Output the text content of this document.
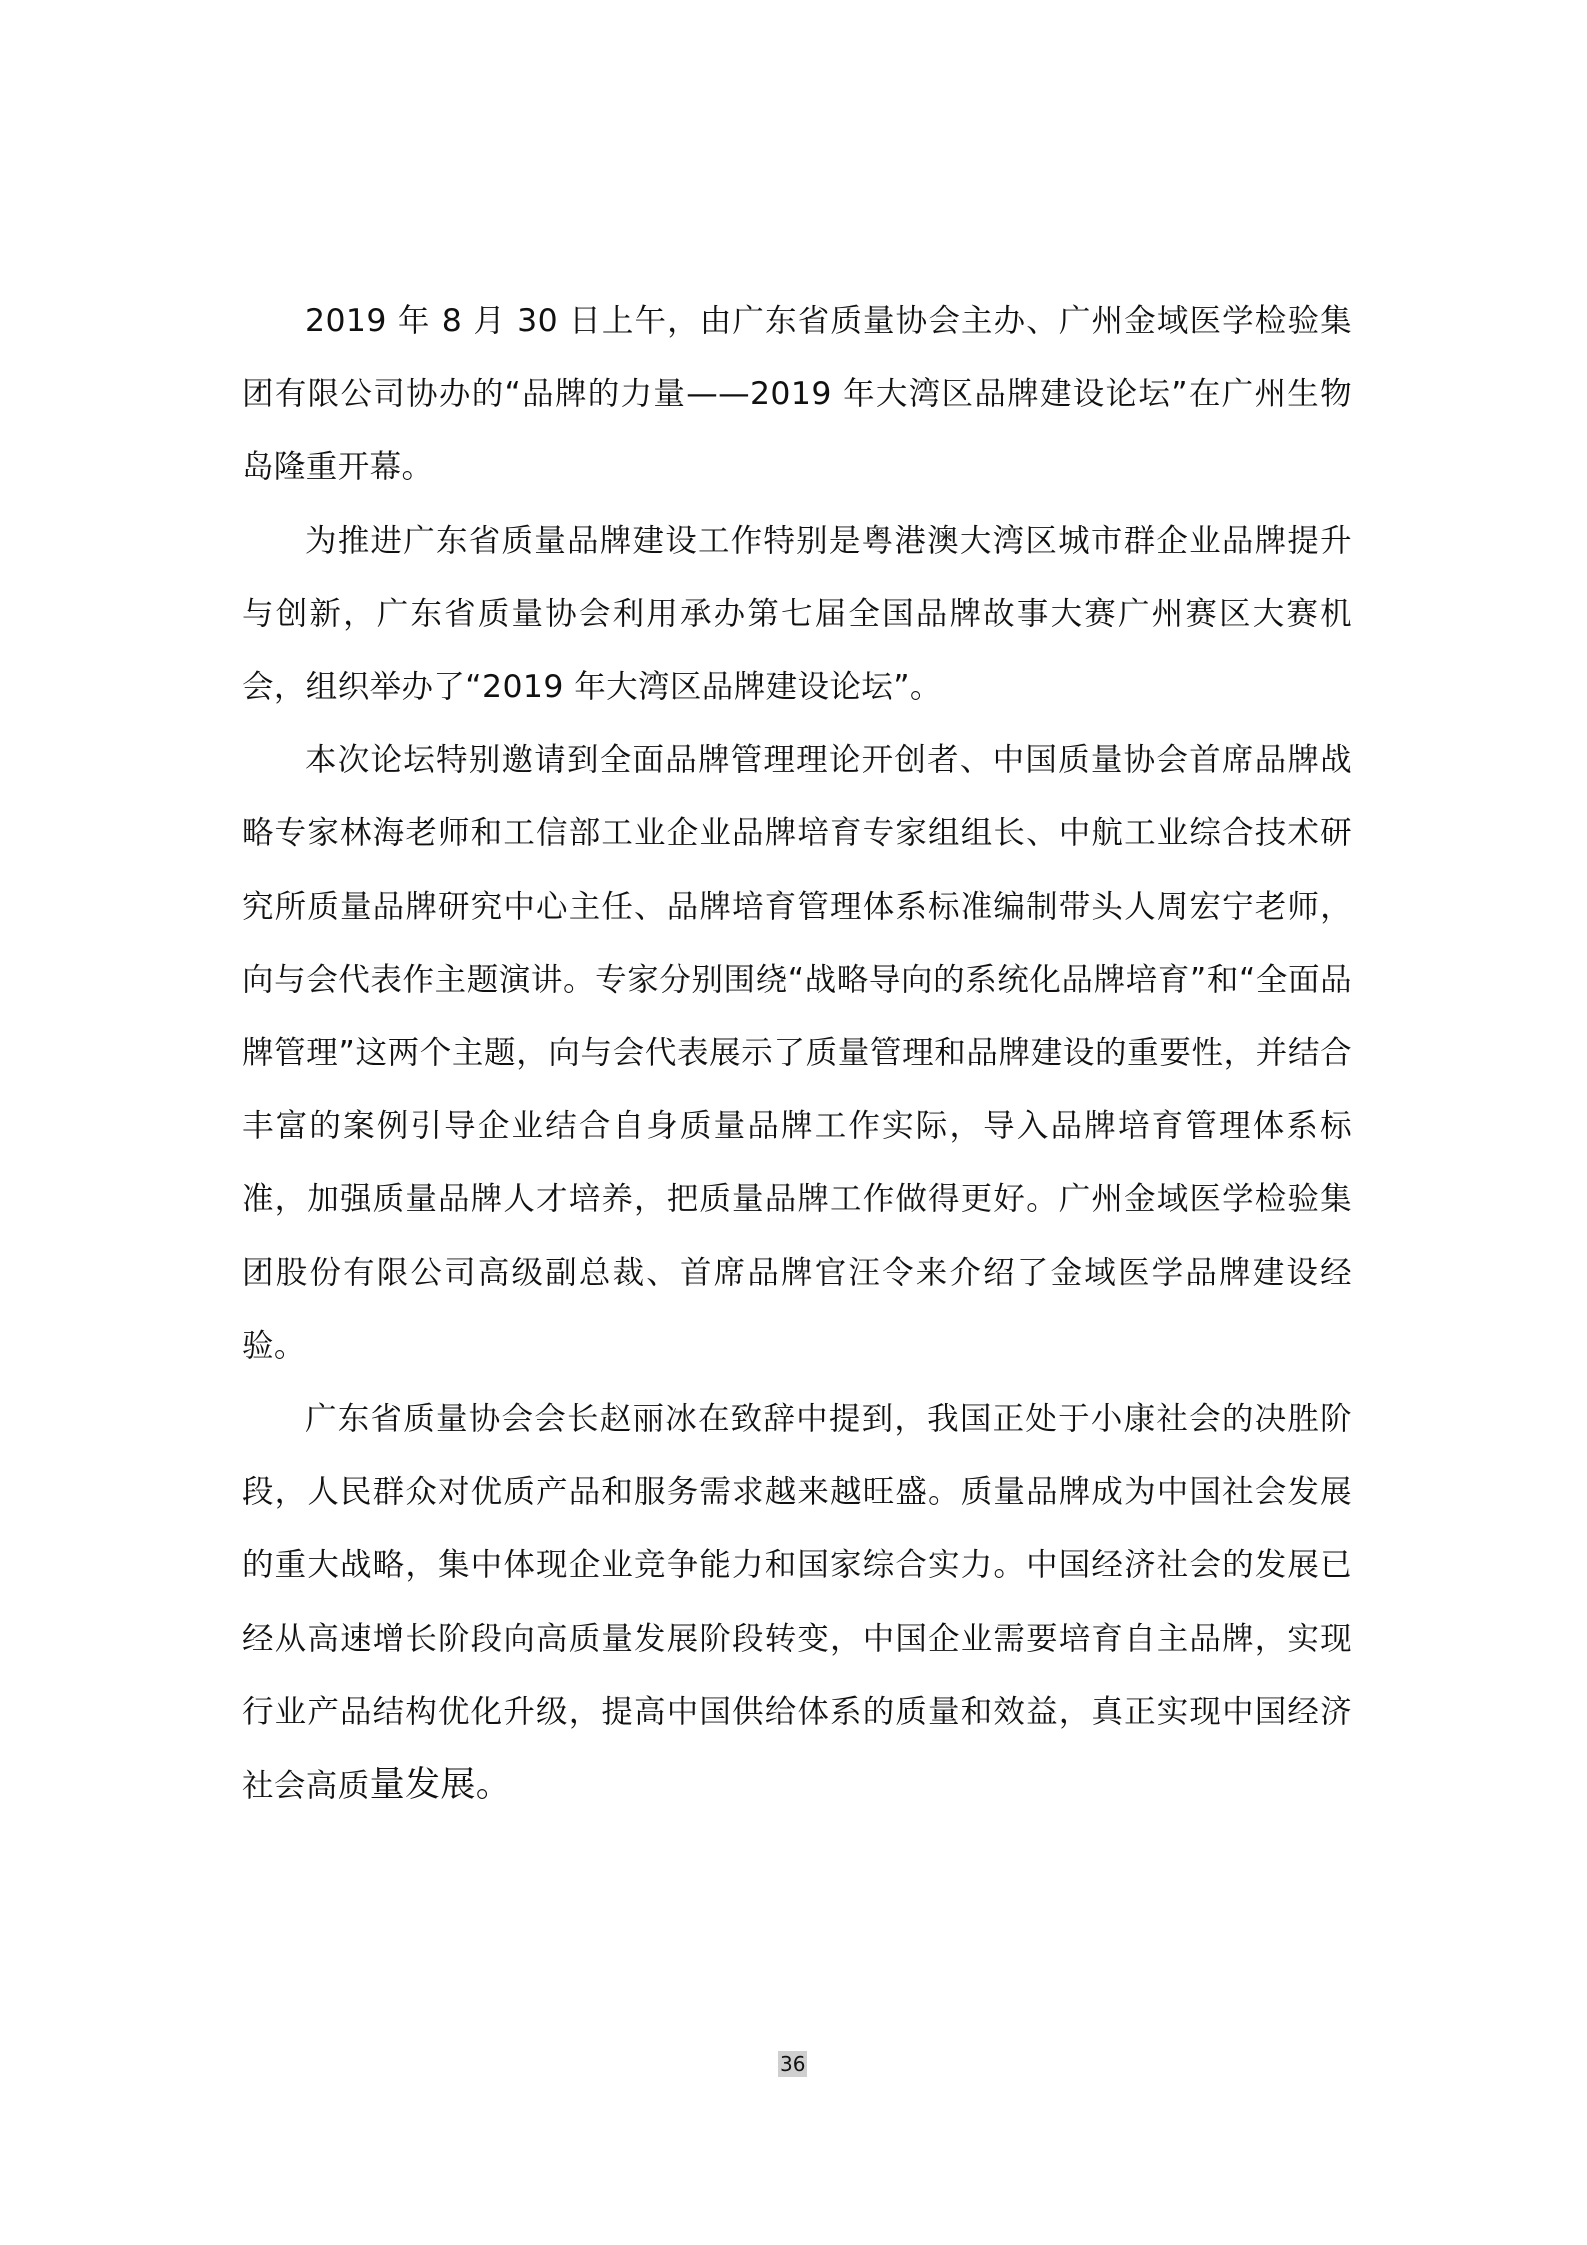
2019 年 8 月 30 日上午，由广东省质量协会主办、广州金域医学检验集团有限公司协办的“品牌的力量——2019 年大湾区品牌建设论坛”在广州生物岛隆重开幕。

为推进广东省质量品牌建设工作特别是粤港澳大湾区城市群企业品牌提升与创新，广东省质量协会利用承办第七届全国品牌故事大赛广州赛区大赛机会，组织举办了“2019 年大湾区品牌建设论坛”。

本次论坛特别邀请到全面品牌管理理论开创者、中国质量协会首席品牌战略专家林海老师和工信部工业企业品牌培育专家组组长、中航工业综合技术研究所质量品牌研究中心主任、品牌培育管理体系标准编制带头人周宏宁老师，向与会代表作主题演讲。专家分别围绕“战略导向的系统化品牌培育”和“全面品牌管理”这两个主题，向与会代表展示了质量管理和品牌建设的重要性，并结合丰富的案例引导企业结合自身质量品牌工作实际，导入品牌培育管理体系标准，加强质量品牌人才培养，把质量品牌工作做得更好。广州金域医学检验集团股份有限公司高级副总裁、首席品牌官汪令来介绍了金域医学品牌建设经验。

广东省质量协会会长赵丽冰在致辞中提到，我国正处于小康社会的决胜阶段，人民群众对优质产品和服务需求越来越旺盛。质量品牌成为中国社会发展的重大战略，集中体现企业竞争能力和国家综合实力。中国经济社会的发展已经从高速增长阶段向高质量发展阶段转变，中国企业需要培育自主品牌，实现行业产品结构优化升级，提高中国供给体系的质量和效益，真正实现中国经济社会高质量发展。

36
